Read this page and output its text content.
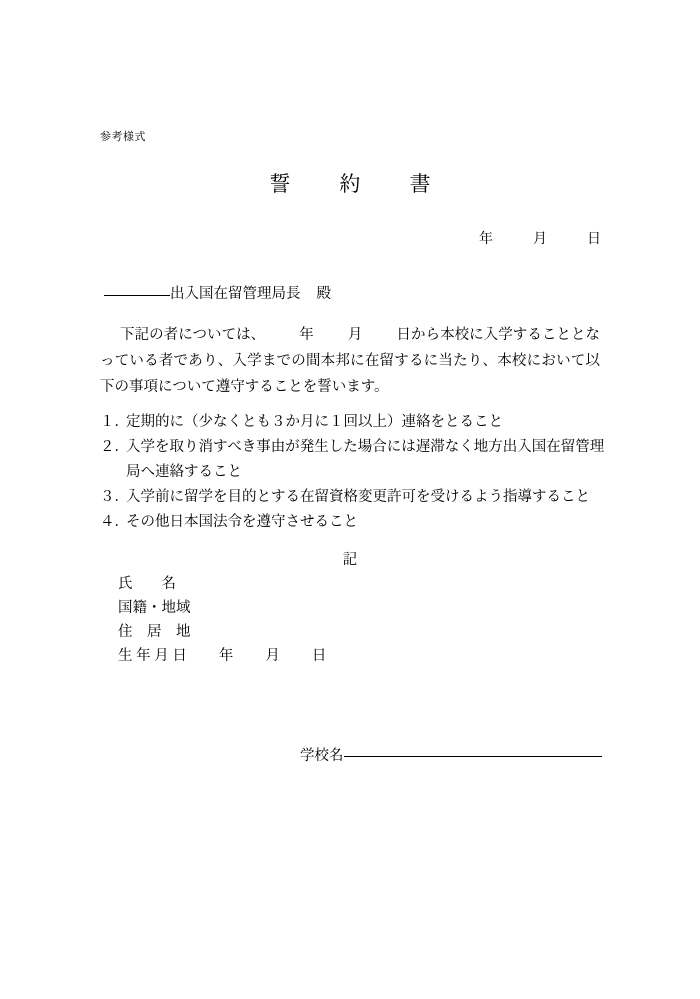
参考様式
誓　約　書
年	月	日
出入国在留管理局長 殿
下記の者については、 年 月 日から本校に入学することとなっている者であり、入学までの間本邦に在留するに当たり、本校において以下の事項について遵守することを誓います。
１．
定期的に（少なくとも３か月に１回以上）連絡をとること
２．
入学を取り消すべき事由が発生した場合には遅滞なく地方出入国在留管理局へ連絡すること
３．
入学前に留学を目的とする在留資格変更許可を受けるよう指導すること
４．
その他日本国法令を遵守させること
記
氏　　名
国籍・地域
住　居　地
生 年 月 日 年 月 日
学校名
